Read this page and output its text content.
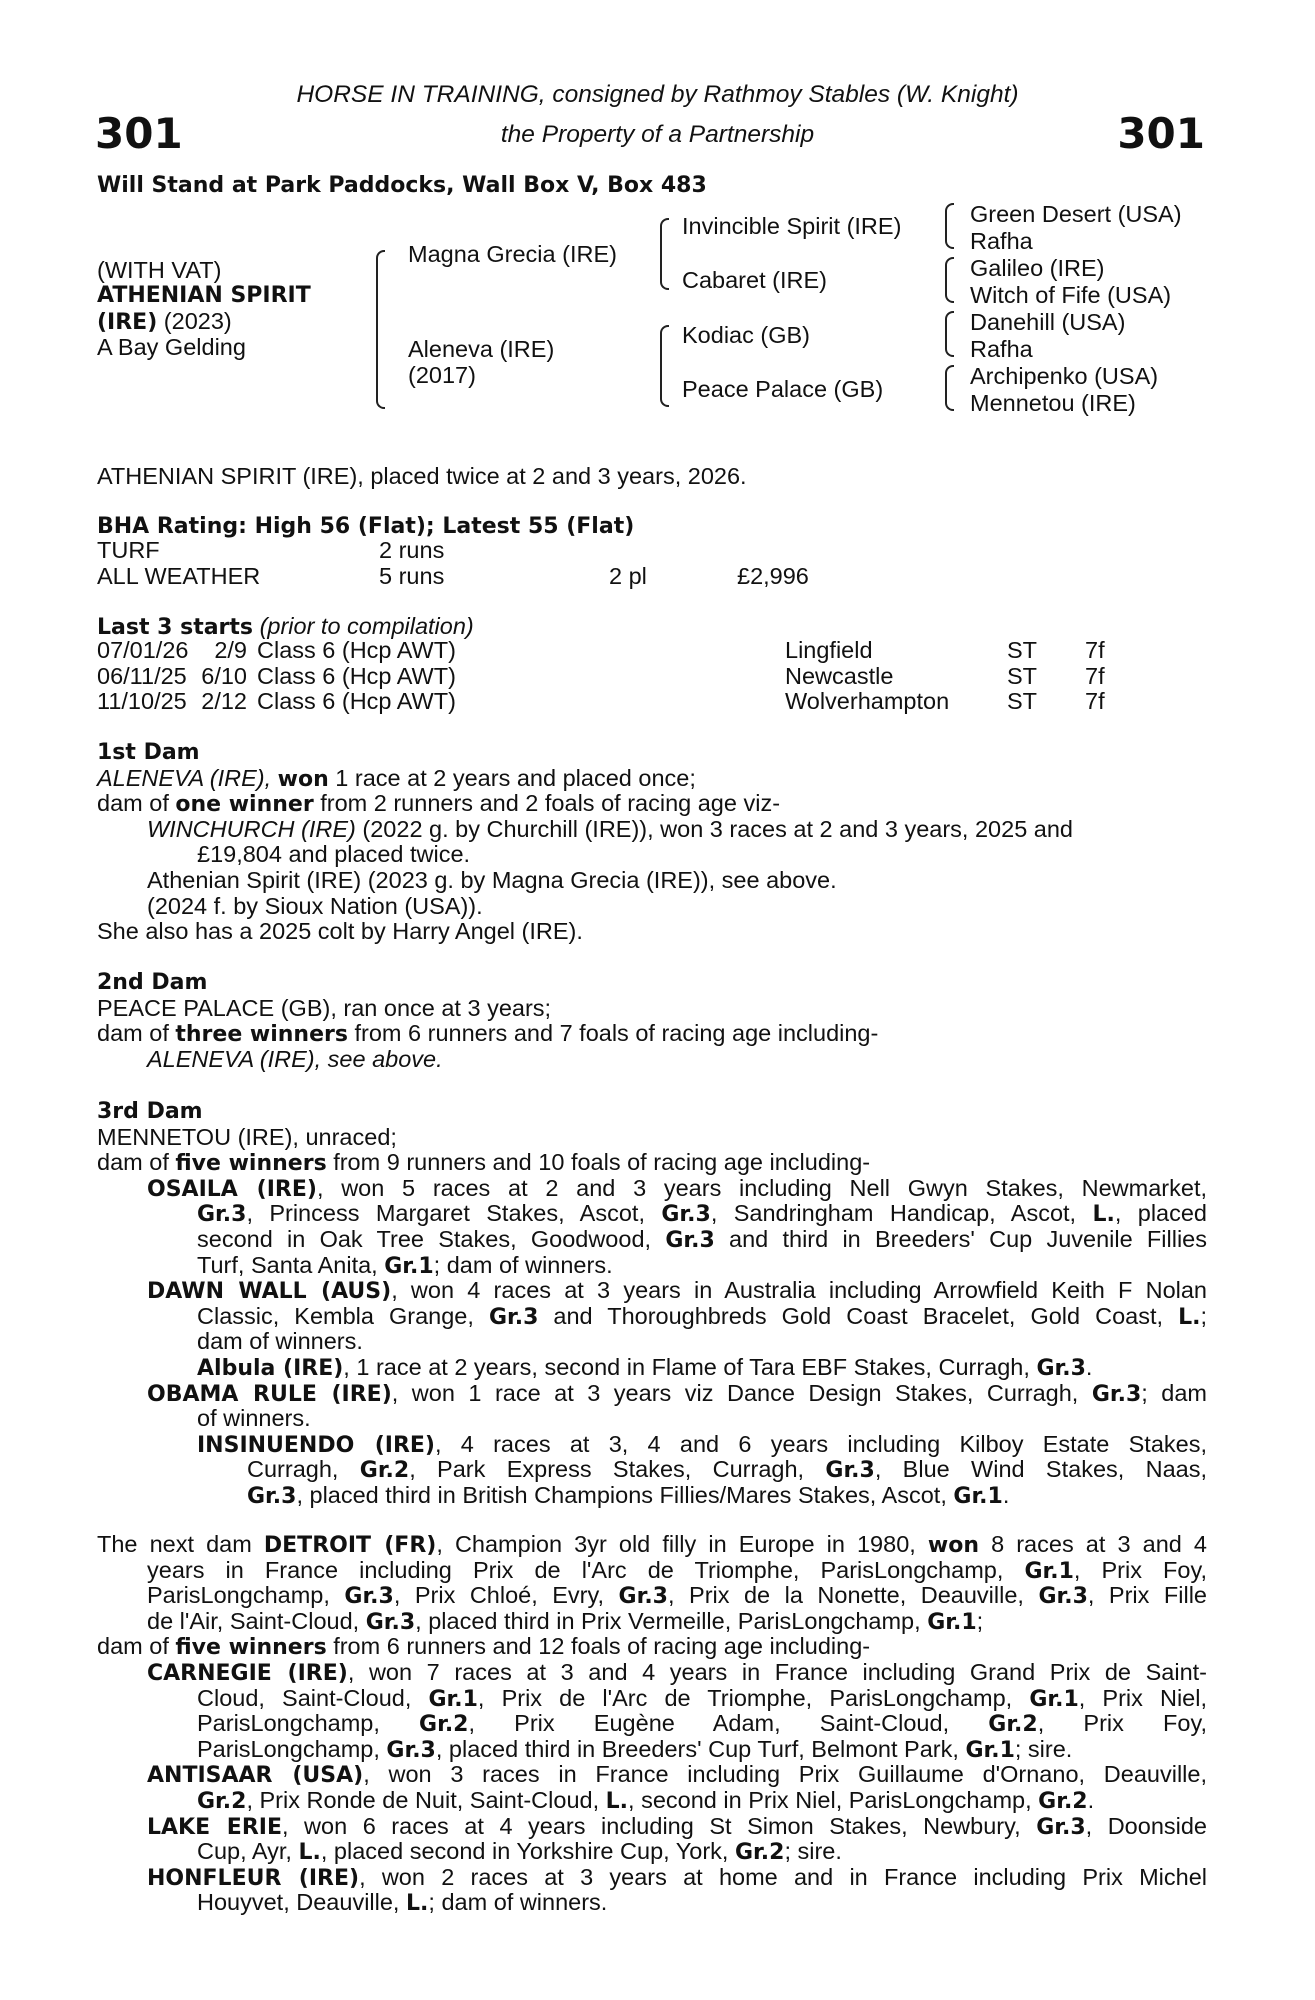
301	301
HORSE IN TRAINING, consigned by Rathmoy Stables (W. Knight)
the Property of a Partnership
Will Stand at Park Paddocks, Wall Box V, Box 483
(WITH VAT)
ATHENIAN SPIRIT
(IRE) (2023)
A Bay Gelding
Magna Grecia (IRE)
Aleneva (IRE)
(2017)
Invincible Spirit (IRE)
Cabaret (IRE)
Kodiac (GB)
Peace Palace (GB)
Green Desert (USA)
Rafha
Galileo (IRE)
Witch of Fife (USA)
Danehill (USA)
Rafha
Archipenko (USA)
Mennetou (IRE)
ATHENIAN SPIRIT (IRE), placed twice at 2 and 3 years, 2026.
BHA Rating: High 56 (Flat); Latest 55 (Flat)
TURF	2 runs		
ALL WEATHER	5 runs	2 pl	£2,996
Last 3 starts (prior to compilation)
07/01/26	2/9	Class 6 (Hcp AWT)	Lingfield	ST	7f
06/11/25	6/10	Class 6 (Hcp AWT)	Newcastle	ST	7f
11/10/25	2/12	Class 6 (Hcp AWT)	Wolverhampton	ST	7f
1st Dam
ALENEVA (IRE), won 1 race at 2 years and placed once;
dam of one winner from 2 runners and 2 foals of racing age viz-
WINCHURCH (IRE) (2022 g. by Churchill (IRE)), won 3 races at 2 and 3 years, 2025 and
£19,804 and placed twice.
Athenian Spirit (IRE) (2023 g. by Magna Grecia (IRE)), see above.
(2024 f. by Sioux Nation (USA)).
She also has a 2025 colt by Harry Angel (IRE).
2nd Dam
PEACE PALACE (GB), ran once at 3 years;
dam of three winners from 6 runners and 7 foals of racing age including-
ALENEVA (IRE), see above.
3rd Dam
MENNETOU (IRE), unraced;
dam of five winners from 9 runners and 10 foals of racing age including-
OSAILA (IRE), won 5 races at 2 and 3 years including Nell Gwyn Stakes, Newmarket,
Gr.3, Princess Margaret Stakes, Ascot, Gr.3, Sandringham Handicap, Ascot, L., placed
second in Oak Tree Stakes, Goodwood, Gr.3 and third in Breeders' Cup Juvenile Fillies
Turf, Santa Anita, Gr.1; dam of winners.
DAWN WALL (AUS), won 4 races at 3 years in Australia including Arrowfield Keith F Nolan
Classic, Kembla Grange, Gr.3 and Thoroughbreds Gold Coast Bracelet, Gold Coast, L.;
dam of winners.
Albula (IRE), 1 race at 2 years, second in Flame of Tara EBF Stakes, Curragh, Gr.3.
OBAMA RULE (IRE), won 1 race at 3 years viz Dance Design Stakes, Curragh, Gr.3; dam
of winners.
INSINUENDO (IRE), 4 races at 3, 4 and 6 years including Kilboy Estate Stakes,
Curragh, Gr.2, Park Express Stakes, Curragh, Gr.3, Blue Wind Stakes, Naas,
Gr.3, placed third in British Champions Fillies/Mares Stakes, Ascot, Gr.1.
The next dam DETROIT (FR), Champion 3yr old filly in Europe in 1980, won 8 races at 3 and 4
years in France including Prix de l'Arc de Triomphe, ParisLongchamp, Gr.1, Prix Foy,
ParisLongchamp, Gr.3, Prix Chloé, Evry, Gr.3, Prix de la Nonette, Deauville, Gr.3, Prix Fille
de l'Air, Saint-Cloud, Gr.3, placed third in Prix Vermeille, ParisLongchamp, Gr.1;
dam of five winners from 6 runners and 12 foals of racing age including-
CARNEGIE (IRE), won 7 races at 3 and 4 years in France including Grand Prix de Saint-
Cloud, Saint-Cloud, Gr.1, Prix de l'Arc de Triomphe, ParisLongchamp, Gr.1, Prix Niel,
ParisLongchamp, Gr.2, Prix Eugène Adam, Saint-Cloud, Gr.2, Prix Foy,
ParisLongchamp, Gr.3, placed third in Breeders' Cup Turf, Belmont Park, Gr.1; sire.
ANTISAAR (USA), won 3 races in France including Prix Guillaume d'Ornano, Deauville,
Gr.2, Prix Ronde de Nuit, Saint-Cloud, L., second in Prix Niel, ParisLongchamp, Gr.2.
LAKE ERIE, won 6 races at 4 years including St Simon Stakes, Newbury, Gr.3, Doonside
Cup, Ayr, L., placed second in Yorkshire Cup, York, Gr.2; sire.
HONFLEUR (IRE), won 2 races at 3 years at home and in France including Prix Michel
Houyvet, Deauville, L.; dam of winners.
